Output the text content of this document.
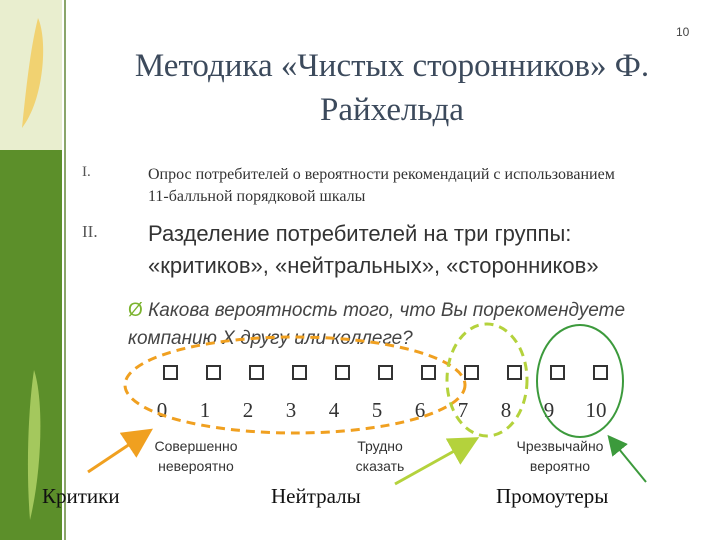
10
Методика «Чистых сторонников» Ф. Райхельда
I.	Опрос потребителей о вероятности рекомендаций с использованием 11-балльной порядковой шкалы
II. Разделение потребителей на три группы: «критиков», «нейтральных», «сторонников»
Ø Какова вероятность того, что Вы порекомендуете компанию X другу или коллеге?
0	1	2	3	4	5	6	7	8	9	10
Совершенно невероятно
Трудно сказать
Чрезвычайно вероятно
Критики	Нейтралы	Промоутеры
